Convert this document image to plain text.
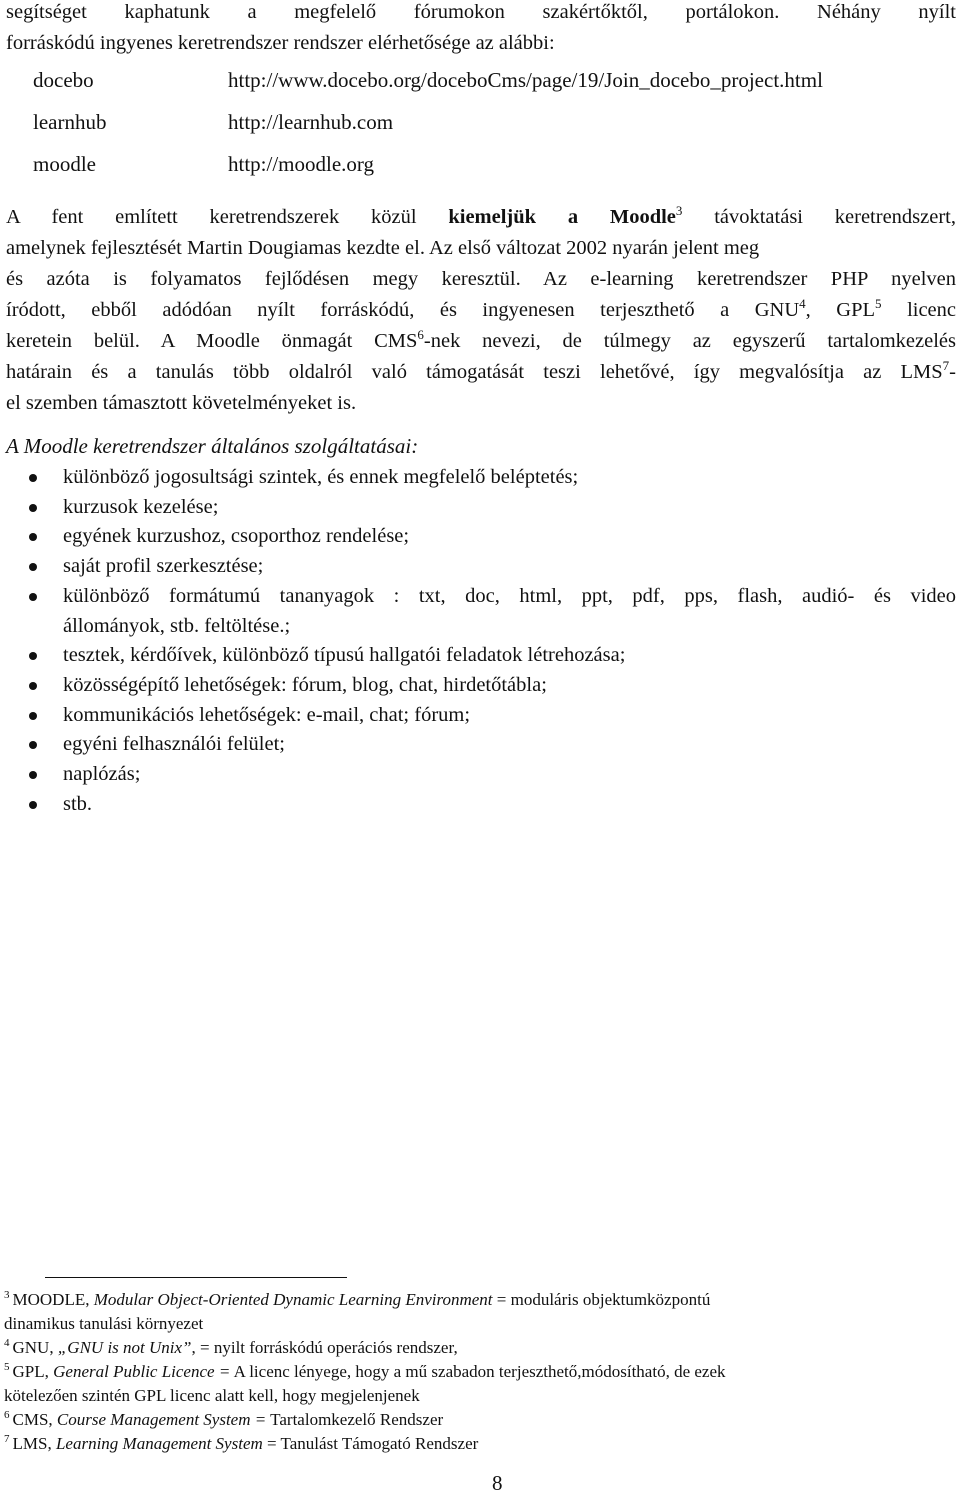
segítséget kaphatunk a megfelelő fórumokon szakértőktől, portálokon. Néhány nyílt
forráskódú ingyenes keretrendszer rendszer elérhetősége az alábbi:
docebo	http://www.docebo.org/doceboCms/page/19/Join_docebo_project.html
learnhub	http://learnhub.com
moodle	http://moodle.org
A fent említett keretrendszerek közül kiemeljük a Moodle$^3$ távoktatási keretrendszert,
amelynek fejlesztését Martin Dougiamas kezdte el. Az első változat 2002 nyarán jelent meg
és azóta is folyamatos fejlődésen megy keresztül. Az e-learning keretrendszer PHP nyelven
íródott, ebből adódóan nyílt forráskódú, és ingyenesen terjeszthető a GNU$^4$, GPL$^5$ licenc
keretein belül. A Moodle önmagát CMS$^6$-nek nevezi, de túlmegy az egyszerű tartalomkezelés
határain és a tanulás több oldalról való támogatását teszi lehetővé, így megvalósítja az LMS$^7$-
el szemben támasztott követelményeket is.
A Moodle keretrendszer általános szolgáltatásai:
különböző jogosultsági szintek, és ennek megfelelő beléptetés;
kurzusok kezelése;
egyének kurzushoz, csoporthoz rendelése;
saját profil szerkesztése;
különböző formátumú tananyagok : txt, doc, html, ppt, pdf, pps, flash, audió- és video
állományok, stb. feltöltése.;
tesztek, kérdőívek, különböző típusú hallgatói feladatok létrehozása;
közösségépítő lehetőségek: fórum, blog, chat, hirdetőtábla;
kommunikációs lehetőségek: e-mail, chat; fórum;
egyéni felhasználói felület;
naplózás;
stb.
$^3$ MOODLE, Modular Object-Oriented Dynamic Learning Environment = moduláris objektumközpontú
dinamikus tanulási környezet
$^4$ GNU, „GNU is not Unix”, = nyilt forráskódú operációs rendszer,
$^5$ GPL, General Public Licence = A licenc lényege, hogy a mű szabadon terjeszthető,módosítható, de ezek
kötelezően szintén GPL licenc alatt kell, hogy megjelenjenek
$^6$ CMS, Course Management System = Tartalomkezelő Rendszer
$^7$ LMS, Learning Management System = Tanulást Támogató Rendszer
8
